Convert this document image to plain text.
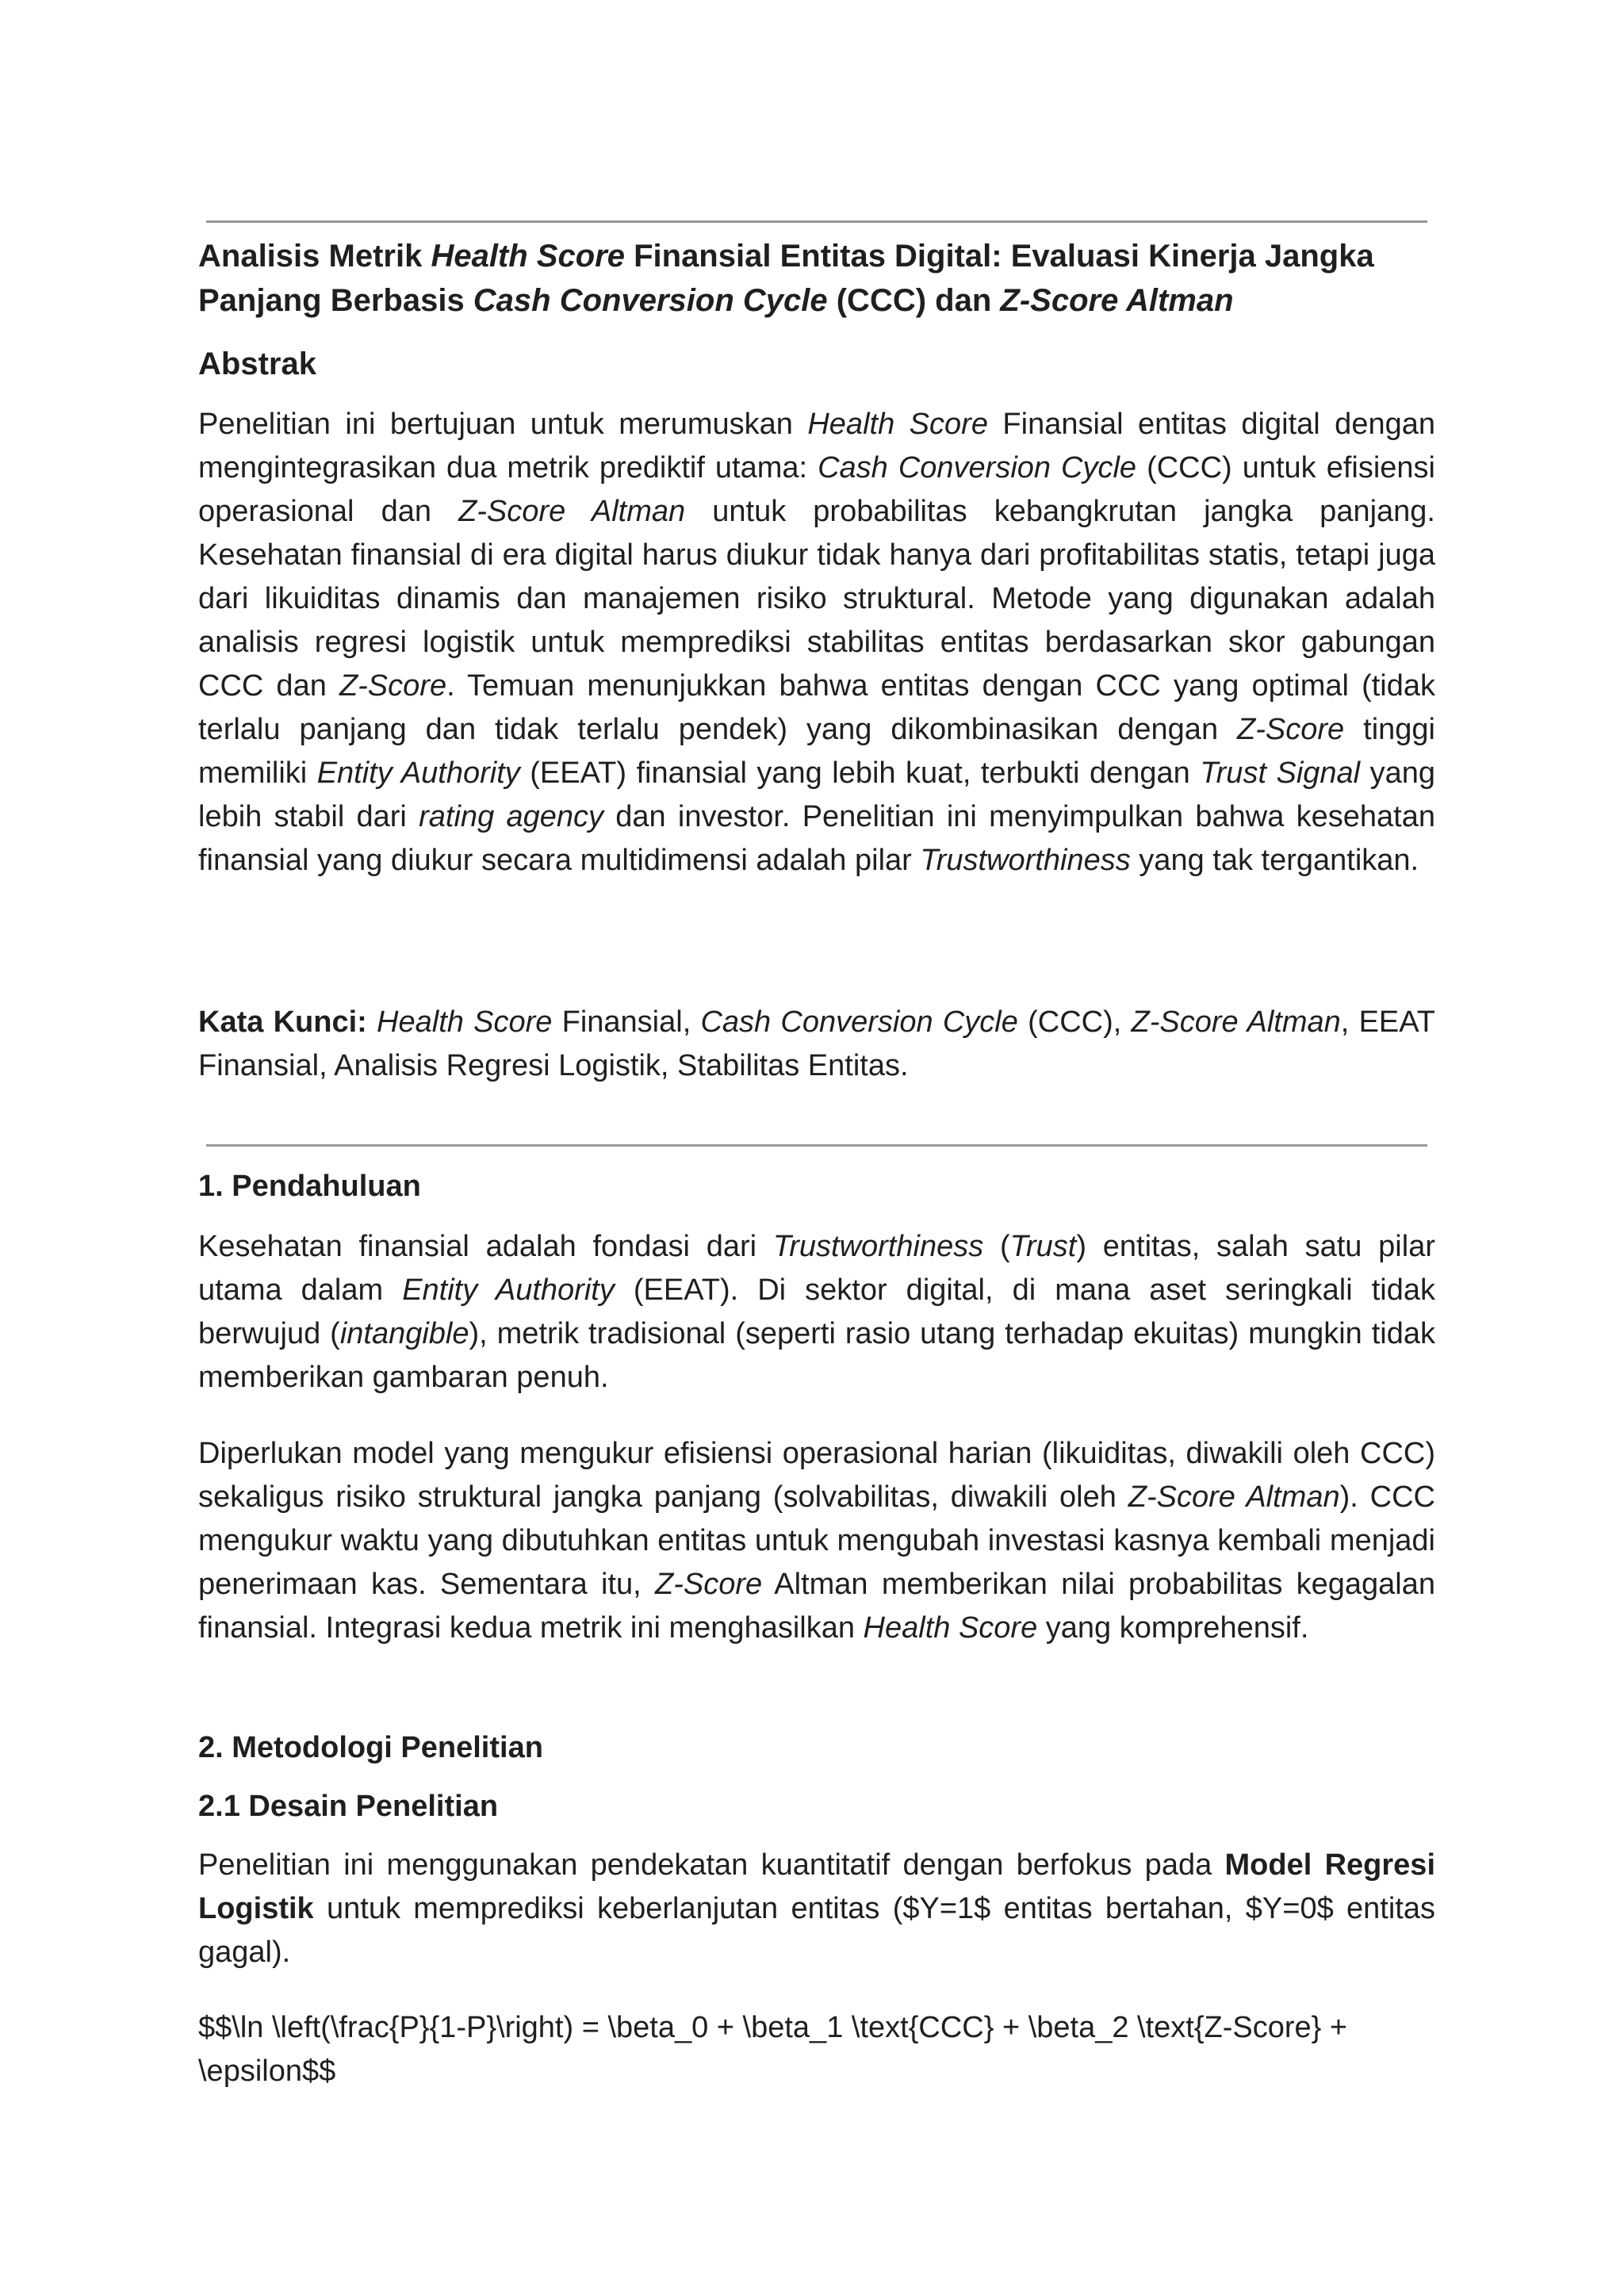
Analisis Metrik Health Score Finansial Entitas Digital: Evaluasi Kinerja Jangka Panjang Berbasis Cash Conversion Cycle (CCC) dan Z-Score Altman
Abstrak

Penelitian ini bertujuan untuk merumuskan Health Score Finansial entitas digital dengan mengintegrasikan dua metrik prediktif utama: Cash Conversion Cycle (CCC) untuk efisiensi operasional dan Z-Score Altman untuk probabilitas kebangkrutan jangka panjang. Kesehatan finansial di era digital harus diukur tidak hanya dari profitabilitas statis, tetapi juga dari likuiditas dinamis dan manajemen risiko struktural. Metode yang digunakan adalah analisis regresi logistik untuk memprediksi stabilitas entitas berdasarkan skor gabungan CCC dan Z-Score. Temuan menunjukkan bahwa entitas dengan CCC yang optimal (tidak terlalu panjang dan tidak terlalu pendek) yang dikombinasikan dengan Z-Score tinggi memiliki Entity Authority (EEAT) finansial yang lebih kuat, terbukti dengan Trust Signal yang lebih stabil dari rating agency dan investor. Penelitian ini menyimpulkan bahwa kesehatan finansial yang diukur secara multidimensi adalah pilar Trustworthiness yang tak tergantikan.

Kata Kunci: Health Score Finansial, Cash Conversion Cycle (CCC), Z-Score Altman, EEAT Finansial, Analisis Regresi Logistik, Stabilitas Entitas.

1. Pendahuluan

Kesehatan finansial adalah fondasi dari Trustworthiness (Trust) entitas, salah satu pilar utama dalam Entity Authority (EEAT). Di sektor digital, di mana aset seringkali tidak berwujud (intangible), metrik tradisional (seperti rasio utang terhadap ekuitas) mungkin tidak memberikan gambaran penuh.

Diperlukan model yang mengukur efisiensi operasional harian (likuiditas, diwakili oleh CCC) sekaligus risiko struktural jangka panjang (solvabilitas, diwakili oleh Z-Score Altman). CCC mengukur waktu yang dibutuhkan entitas untuk mengubah investasi kasnya kembali menjadi penerimaan kas. Sementara itu, Z-Score Altman memberikan nilai probabilitas kegagalan finansial. Integrasi kedua metrik ini menghasilkan Health Score yang komprehensif.

2. Metodologi Penelitian
2.1 Desain Penelitian

Penelitian ini menggunakan pendekatan kuantitatif dengan berfokus pada Model Regresi Logistik untuk memprediksi keberlanjutan entitas ($Y=1$ entitas bertahan, $Y=0$ entitas gagal).

$$\ln \left(\frac{P}{1-P}\right) = \beta_0 + \beta_1 \text{CCC} + \beta_2 \text{Z-Score} + \epsilon$$
